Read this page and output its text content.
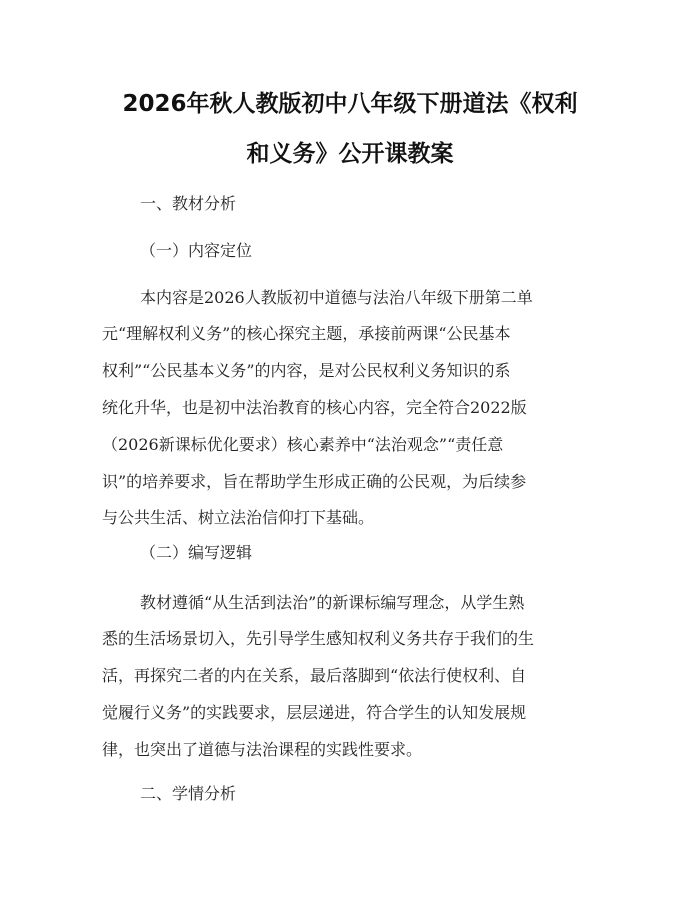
2026年秋人教版初中八年级下册道法《权利
和义务》公开课教案
一、教材分析
（一）内容定位
本内容是2026人教版初中道德与法治八年级下册第二单
元“理解权利义务”的核心探究主题，承接前两课“公民基本
权利”“公民基本义务”的内容，是对公民权利义务知识的系
统化升华，也是初中法治教育的核心内容，完全符合2022版
（2026新课标优化要求）核心素养中“法治观念”“责任意
识”的培养要求，旨在帮助学生形成正确的公民观，为后续参
与公共生活、树立法治信仰打下基础。
（二）编写逻辑
教材遵循“从生活到法治”的新课标编写理念，从学生熟
悉的生活场景切入，先引导学生感知权利义务共存于我们的生
活，再探究二者的内在关系，最后落脚到“依法行使权利、自
觉履行义务”的实践要求，层层递进，符合学生的认知发展规
律，也突出了道德与法治课程的实践性要求。
二、学情分析
